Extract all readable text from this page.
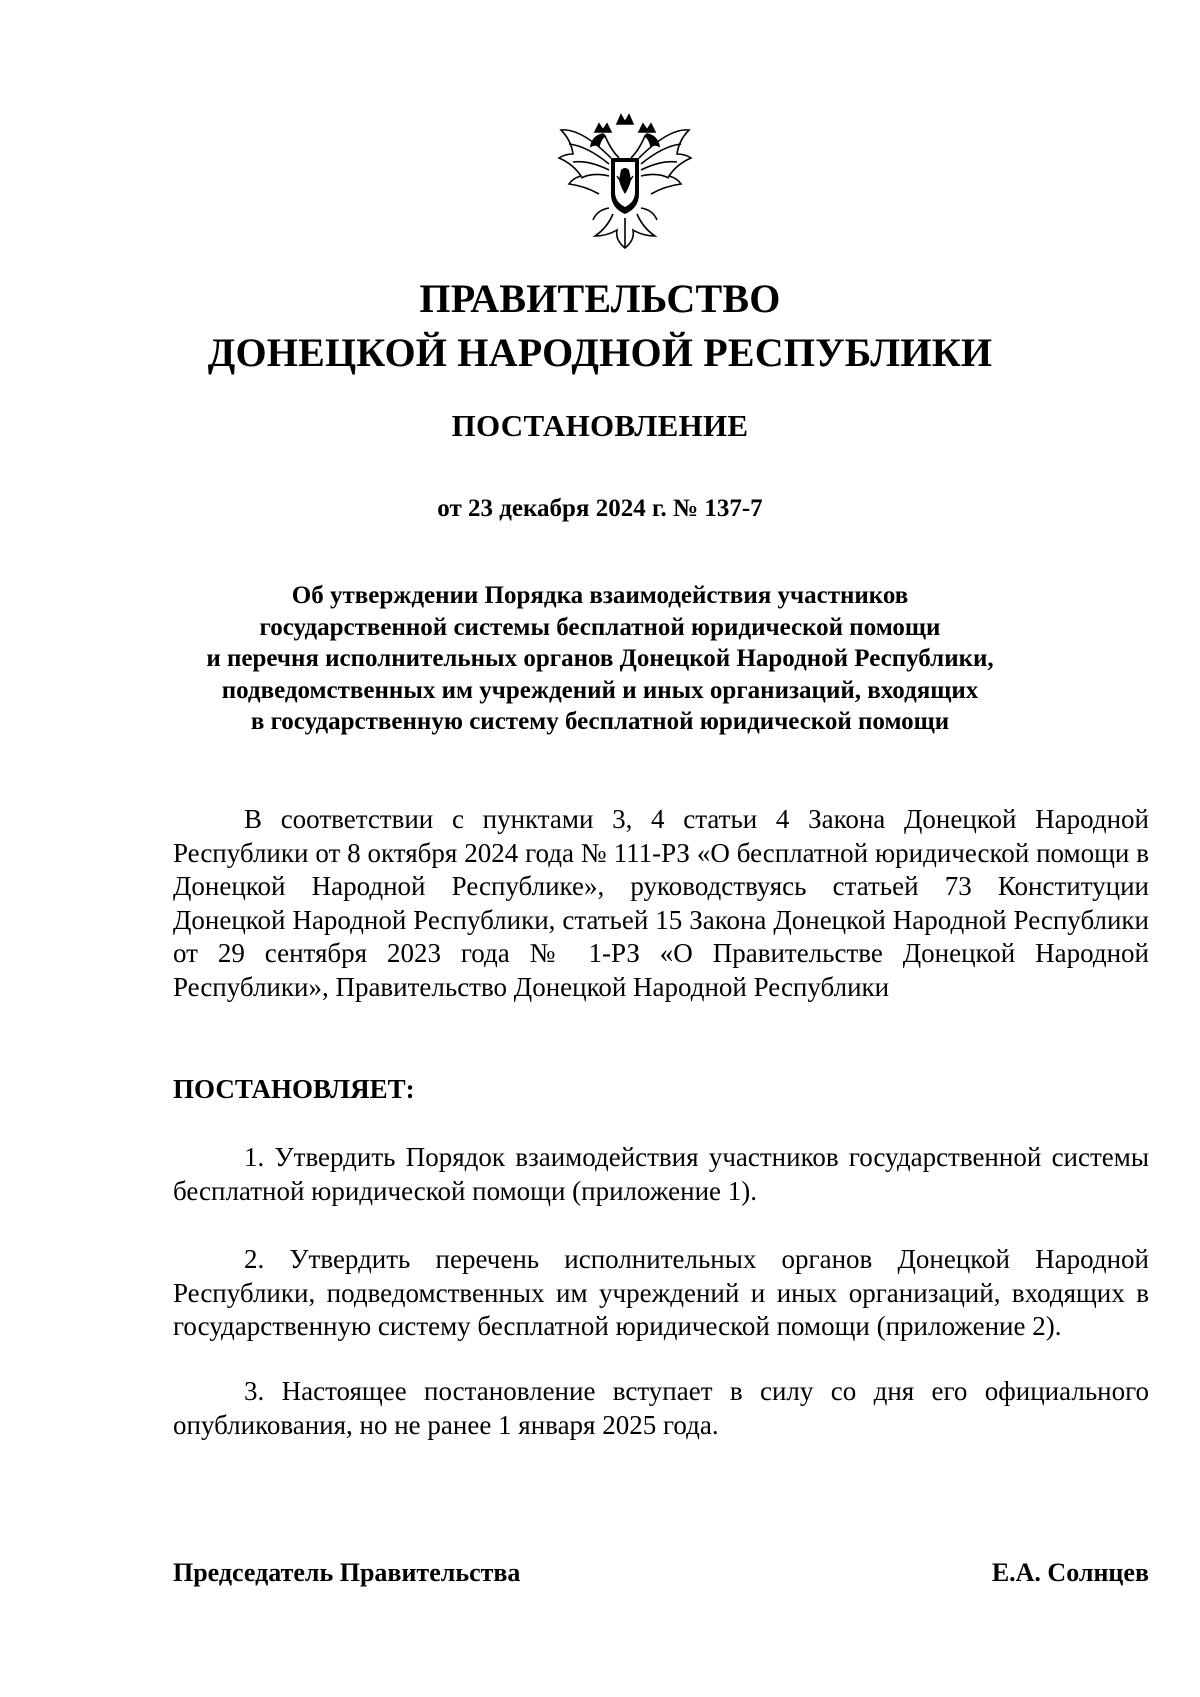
ПРАВИТЕЛЬСТВО
ДОНЕЦКОЙ НАРОДНОЙ РЕСПУБЛИКИ
ПОСТАНОВЛЕНИЕ
от 23 декабря 2024 г. № 137-7
Об утверждении Порядка взаимодействия участников
государственной системы бесплатной юридической помощи
и перечня исполнительных органов Донецкой Народной Республики,
подведомственных им учреждений и иных организаций, входящих
в государственную систему бесплатной юридической помощи

В соответствии с пунктами 3, 4 статьи 4 Закона Донецкой Народной Республики от 8 октября 2024 года № 111-РЗ «О бесплатной юридической помощи в Донецкой Народной Республике», руководствуясь статьей 73 Конституции Донецкой Народной Республики, статьей 15 Закона Донецкой Народной Республики от 29 сентября 2023 года № 1-РЗ «О Правительстве Донецкой Народной Республики», Правительство Донецкой Народной Республики

ПОСТАНОВЛЯЕТ:

1. Утвердить Порядок взаимодействия участников государственной системы бесплатной юридической помощи (приложение 1).

2. Утвердить перечень исполнительных органов Донецкой Народной Республики, подведомственных им учреждений и иных организаций, входящих в государственную систему бесплатной юридической помощи (приложение 2).

3. Настоящее постановление вступает в силу со дня его официального опубликования, но не ранее 1 января 2025 года.

Председатель Правительства	Е.А. Солнцев
